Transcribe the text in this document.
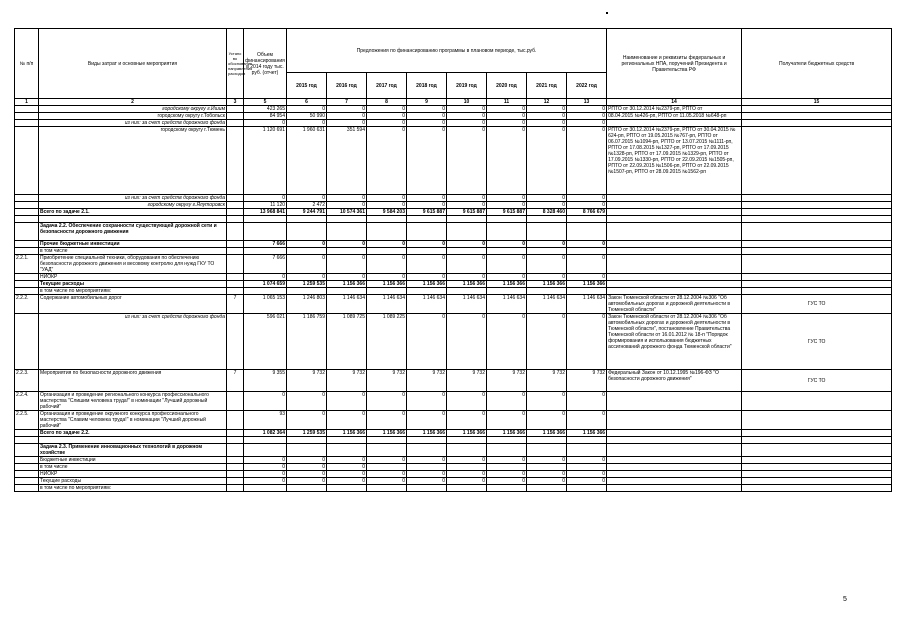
№ п/п	Виды затрат и основные мероприятия	Устано во обоснование направления расходов	Объем финансирования в 2014 году тыс. руб. (отчет)	Предложения по финансированию программы в плановом периоде, тыс.руб.								Наименование и реквизиты федеральных и региональных НПА, поручений Президента и Правительства РФ	Получатели бюджетных средств
				2015 год	2016 год	2017 год	2018 год	2019 год	2020 год	2021 год	2022 год		
1	2	3	5	6	7	8	9	10	11	12	13	14	15
	городскому округу г.Ишим		423 265	0	0	0	0	0	0	0	0	РПТО от 30.12.2014 №2379-рп, РПТО от	
	городскому округу г.Тобольск		84 954	50 990	0	0	0	0	0	0	0	08.04.2015 №426-рп, РПТО от 11.05.2018 №648-рп	
	из них: за счет средств дорожного фонда		0	0	0	0	0	0	0	0	0		
	городскому округу г.Тюмень		1 120 691	1 960 631	351 594	0	0	0	0	0	0	РПТО от 30.12.2014 №2379-рп, РПТО от 30.04.2015 № 624-рп, РПТО от 19.05.2015 №767-рп, РПТО от 06.07.2015 №1094-рп, РПТО от 13.07.2015 №1111-рп, РПТО от 17.08.2015 №1327-рп, РПТО от 17.09.2015 №1328-рп, РПТО от 17.09.2015 №1329-рп, РПТО от 17.09.2015 №1330-рп, РПТО от 22.09.2015 №1505-рп, РПТО от 22.09.2015 №1506-рп, РПТО от 22.09.2015 №1507-рп, РПТО от 28.09.2015 №1562-рп	
	из них: за счет средств дорожного фонда		0	0	0	0	0	0	0	0	0		
	городскому округу г.Ялуторовск		11 120	2 472	0	0	0	0	0	0	0		
	Всего по задаче 2.1.		13 968 841	9 244 791	10 574 361	9 584 203	9 615 887	9 615 887	9 615 887	8 328 460	8 766 679		

	Задача 2.2. Обеспечение сохранности существующей дорожной сети и безопасности дорожного движения												
	Прочие бюджетные инвестиции		7 666	0	0	0	0	0	0	0	0		
	в том числе												
2.2.1.	Приобретение специальной техники, оборудования по обеспечению безопасности дорожного движения и весовому контролю для нужд ГКУ ТО "УАД"		7 666	0	0	0	0	0	0	0	0		
	НИОКР		0	0	0	0	0	0	0	0	0		
	Текущие расходы		1 074 659	1 259 535	1 156 366	1 156 366	1 156 366	1 156 366	1 156 366	1 156 366	1 156 366		
	в том числе по мероприятиям:												
2.2.2.	Содержание автомобильных дорог	7	1 065 153	1 246 803	1 146 634	1 146 634	1 146 634	1 146 634	1 146 634	1 146 634	1 146 634	Закон Тюменской области от 28.12.2004 №306 "Об автомобильных дорогах и дорожной деятельности в Тюменской области"	ГУС ТО
	из них: за счет средств дорожного фонда		596 021	1 186 759	1 089 725	1 089 225	0	0	0	0	0	Закон Тюменской области от 28.12.2004 №306 "Об автомобильных дорогах и дорожной деятельности в Тюменской области", постановление Правительства Тюменской области от 16.01.2012 № 18-п "Порядок формирования и использования бюджетных ассигнований дорожного фонда Тюменской области"	ГУС ТО
2.2.3.	Мероприятия по безопасности дорожного движения	7	9 355	9 732	9 732	9 732	9 732	9 732	9 732	9 732	9 732	Федеральный Закон от 10.12.1995 №196-ФЗ "О безопасности дорожного движения"	ГУС ТО
2.2.4.	Организация и проведение регионального конкурса профессионального мастерства "Слишим человека труда!" в номинации "Лучший дорожный рабочий"		0	0	0	0	0	0	0	0	0		
2.2.5.	Организация и проведение окружного конкурса профессионального мастерства "Славим человека труда!" в номинации "Лучший дорожный рабочий"		93	0	0	0	0	0	0	0	0		
	Всего по задаче 2.2.		1 082 364	1 259 535	1 156 366	1 156 366	1 156 366	1 156 366	1 156 366	1 156 366	1 156 366		

	Задача 2.3. Применение инновационных технологий в дорожном хозяйстве												
	Бюджетные инвестиции		0	0	0	0	0	0	0	0	0		
	в том числе		0	0	0								
	НИОКР		0	0	0	0	0	0	0	0	0		
	Текущие расходы		0	0	0	0	0	0	0	0	0		
	в том числе по мероприятиям:												
5
